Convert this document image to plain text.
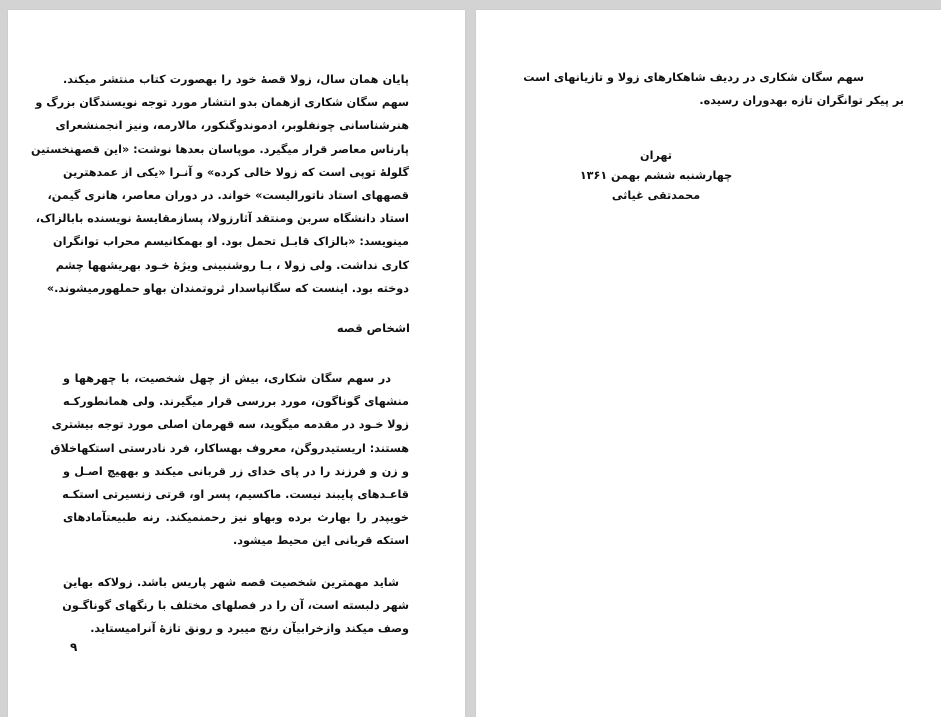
پایان همان سال، زولا قصهٔ خود را بهصورت کتاب منتشر میکند.
سهم سگان شکاری ازهمان بدو انتشار مورد توجه نویسندگان بزرگ و
هنرشناسانی چونفلوبر، ادموندوگنکور، مالارمه، ونیز انجمنشعرای
پارناس معاصر قرار میگیرد. موپاسان بعدها نوشت: «این قصهنخستین
گلولهٔ توپی است که زولا خالی کرده» و آنـرا «یکی از عمدهترین
قصههای استاد ناتورالیست» خواند. در دوران معاصر، هانری گیمن،
استاد دانشگاه سربن ومنتقد آثارزولا، پسازمقایسهٔ نویسنده بابالزاک،
مینویسد: «بالزاک قابـل تحمل بود. او بهمکانیسم محراب توانگران
کاری نداشت. ولی زولا ، بـا روشنبینی ویژهٔ خـود بهریشهها چشم
دوخته بود. اینست که سگانپاسدار ثروتمندان بهاو حملهورمیشوند.»
اشخاص قصه
در سهم سگان شکاری، بیش از چهل شخصیت، با چهرهها و
منشهای گوناگون، مورد بررسی قرار میگیرند. ولی همانطورکـه
زولا خـود در مقدمه میگوید، سه قهرمان اصلی مورد توجه بیشتری
هستند: اریستیدروگن، معروف بهساکار، فرد نادرستی استکهاخلاق
و زن و فرزند را در پای خدای زر قربانی میکند و بههیچ اصـل و
قاعـدهای پایبند نیست. ماکسیم، پسر او، قرتی زنسیرتی استکـه
خویپدر را بهارث برده وبهاو نیز رحمنمیکند. رنه طبیعتآمادهای
استکه قربانی این محیط میشود.
شاید مهمترین شخصیت قصه شهر پاریس باشد. زولاکه بهاین
شهر دلبسته است، آن را در فصلهای مختلف با رنگهای گوناگـون
وصف میکند وازخرابیآن رنج میبرد و رونق تازهٔ آنرامیستاید.
۹
سهم سگان شکاری در ردیف شاهکارهای زولا و تازیانهای است
بر پیکر توانگران تازه بهدوران رسیده.
تهران
چهارشنبه ششم بهمن ۱۳۶۱
محمدتقی غیاثی
